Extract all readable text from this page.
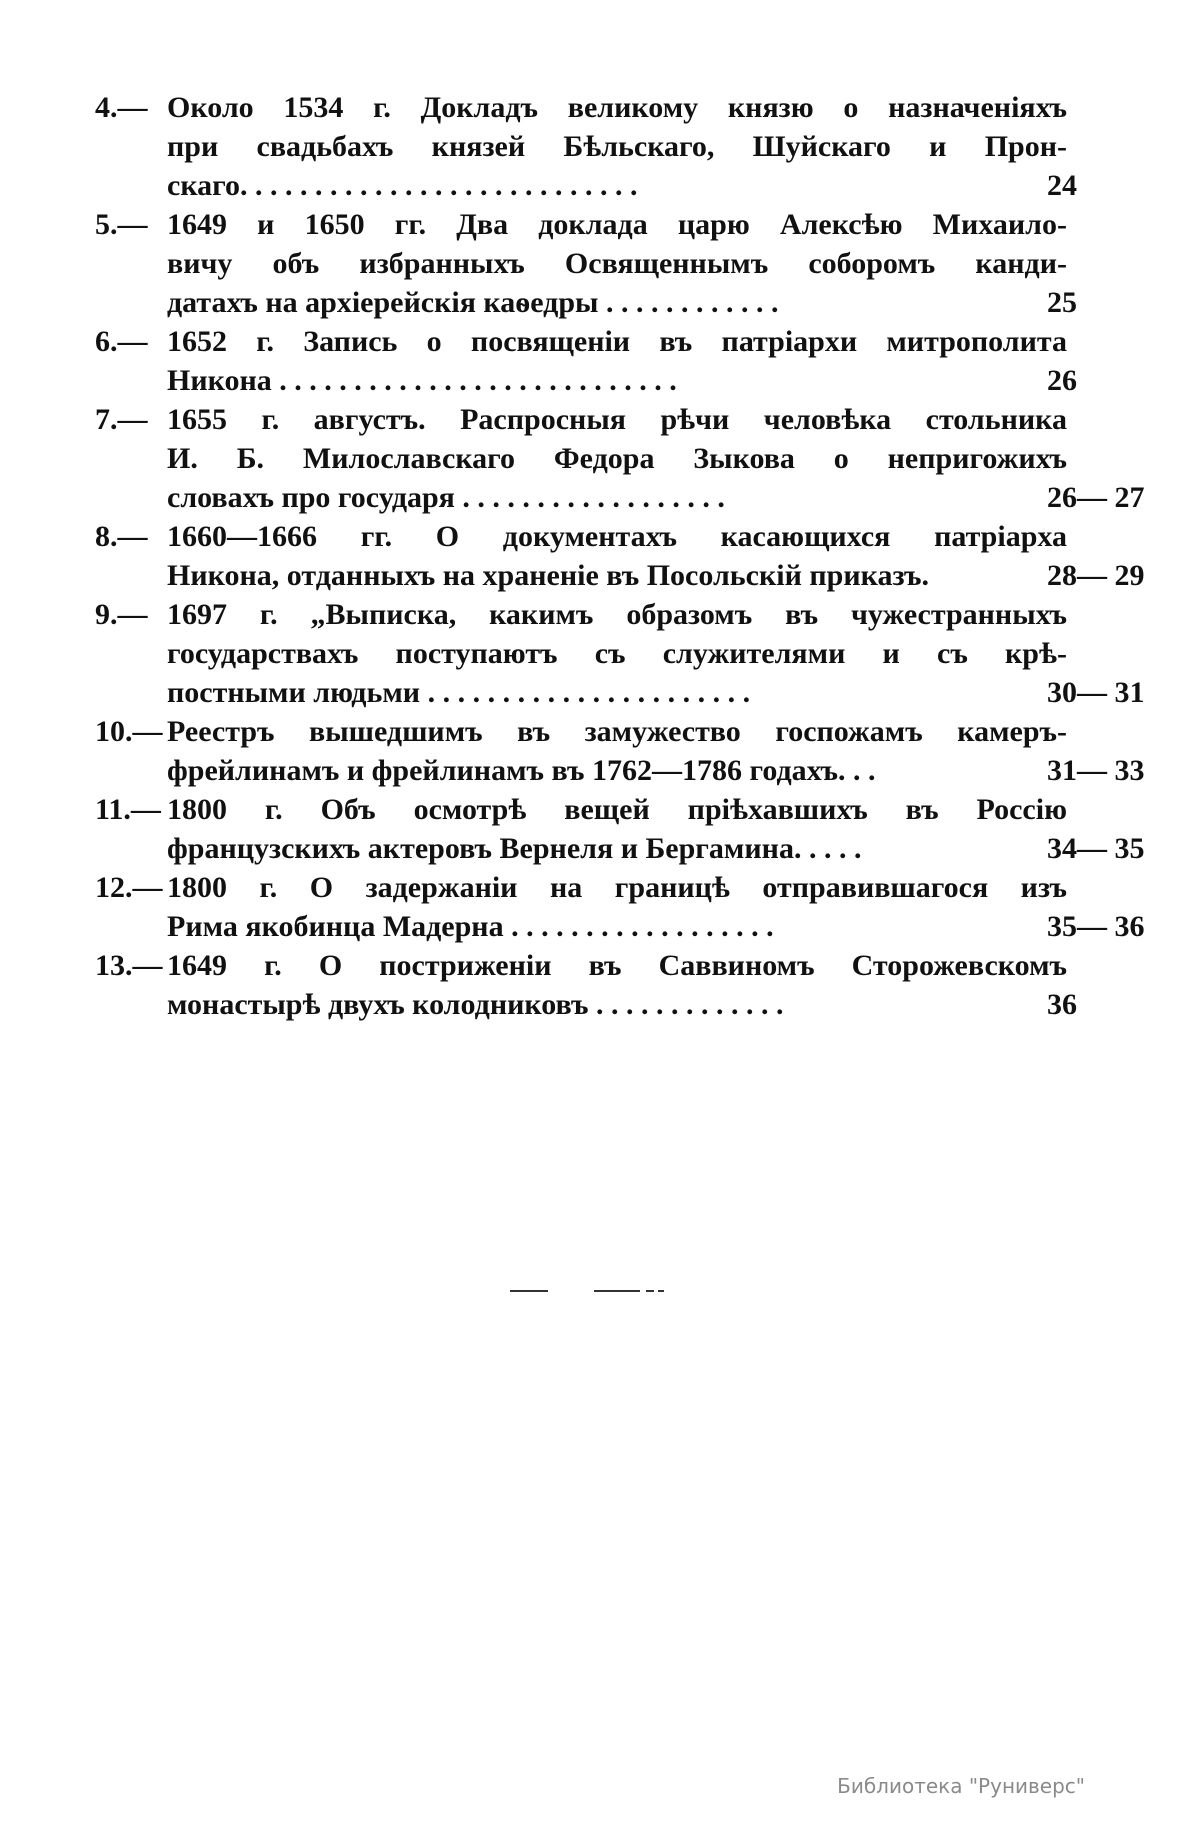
4.— Около 1534 г. Докладъ великому князю о назначеніяхъ
при свадьбахъ князей Бѣльскаго, Шуйскаго и Прон-
скаго. . . . . . . . . . . . . . . . . . . . . . . . . . .	24
5.— 1649 и 1650 гг. Два доклада царю Алексѣю Михаило-
вичу объ избранныхъ Освященнымъ соборомъ канди-
датахъ на архіерейскія каѳедры . . . . . . . . . . . .	25
6.— 1652 г. Запись о посвященіи въ патріархи митрополита
Никона . . . . . . . . . . . . . . . . . . . . . . . . . . .	26
7.— 1655 г. августъ. Распросныя рѣчи человѣка стольника
И. Б. Милославскаго Федора Зыкова о непригожихъ
словахъ про государя . . . . . . . . . . . . . . . . . .	26— 27
8.— 1660—1666 гг. О документахъ касающихся патріарха
Никона, отданныхъ на храненіе въ Посольскій приказъ.	28— 29
9.— 1697 г. „Выписка, какимъ образомъ въ чужестранныхъ
государствахъ поступаютъ съ служителями и съ крѣ-
постными людьми . . . . . . . . . . . . . . . . . . . . . .	30— 31
10.— Реестръ вышедшимъ въ замужество госпожамъ камеръ-
фрейлинамъ и фрейлинамъ въ 1762—1786 годахъ. . .	31— 33
11.— 1800 г. Объ осмотрѣ вещей пріѣхавшихъ въ Россію
французскихъ актеровъ Вернеля и Бергамина. . . . .	34— 35
12.— 1800 г. О задержаніи на границѣ отправившагося изъ
Рима якобинца Мадерна . . . . . . . . . . . . . . . . . .	35— 36
13.— 1649 г. О постриженіи въ Саввиномъ Сторожевскомъ
монастырѣ двухъ колодниковъ . . . . . . . . . . . . .	36
Библиотека "Руниверс"
